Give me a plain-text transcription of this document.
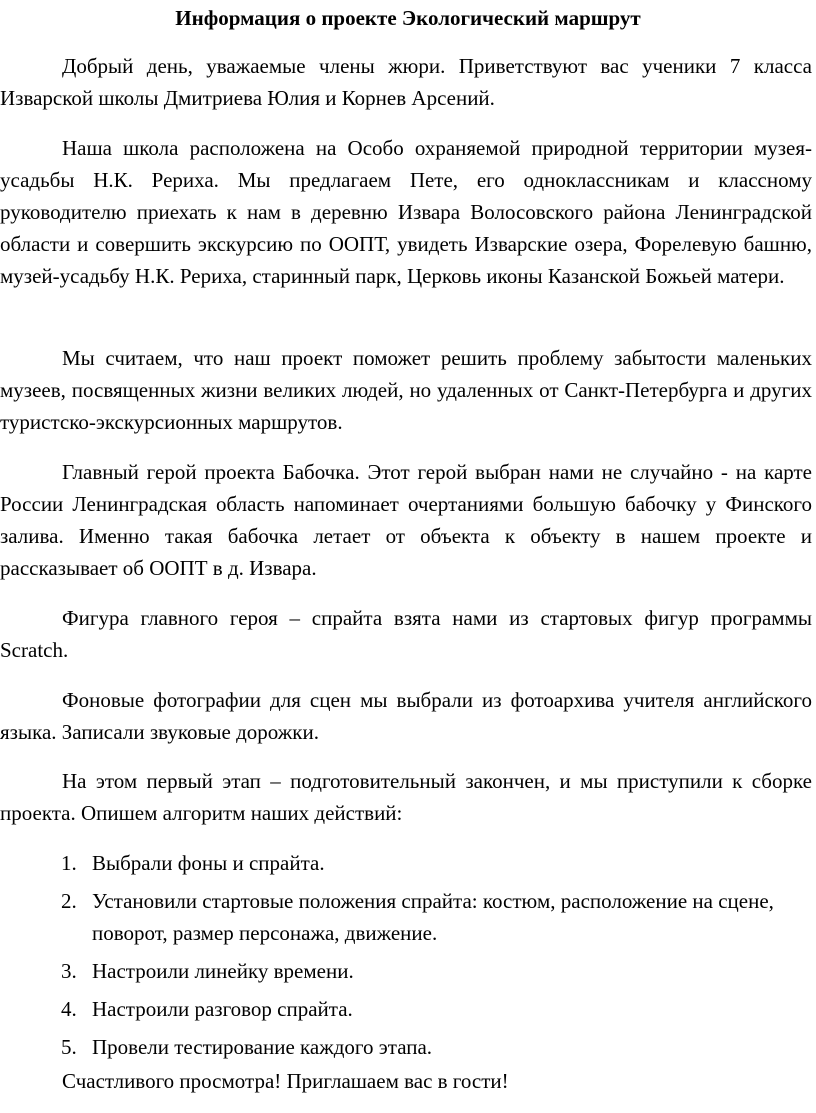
Информация о проекте Экологический маршрут

Добрый день, уважаемые члены жюри. Приветствуют вас ученики 7 класса Изварской школы Дмитриева Юлия и Корнев Арсений.

Наша школа расположена на Особо охраняемой природной территории музея-усадьбы Н.К. Рериха. Мы предлагаем Пете, его одноклассникам и классному руководителю приехать к нам в деревню Извара Волосовского района Ленинградской области и совершить экскурсию по ООПТ, увидеть Изварские озера, Форелевую башню, музей-усадьбу Н.К. Рериха, старинный парк, Церковь иконы Казанской Божьей матери.

Мы считаем, что наш проект поможет решить проблему забытости маленьких музеев, посвященных жизни великих людей, но удаленных от Санкт-Петербурга и других туристско-экскурсионных маршрутов.

Главный герой проекта Бабочка. Этот герой выбран нами не случайно - на карте России Ленинградская область напоминает очертаниями большую бабочку у Финского залива. Именно такая бабочка летает от объекта к объекту в нашем проекте и рассказывает об ООПТ в д. Извара.

Фигура главного героя – спрайта взята нами из стартовых фигур программы Scratch.

Фоновые фотографии для сцен мы выбрали из фотоархива учителя английского языка. Записали звуковые дорожки.

На этом первый этап – подготовительный закончен, и мы приступили к сборке проекта. Опишем алгоритм наших действий:

1. Выбрали фоны и спрайта.
2. Установили стартовые положения спрайта: костюм, расположение на сцене, поворот, размер персонажа, движение.
3. Настроили линейку времени.
4. Настроили разговор спрайта.
5. Провели тестирование каждого этапа.

Счастливого просмотра! Приглашаем вас в гости!
